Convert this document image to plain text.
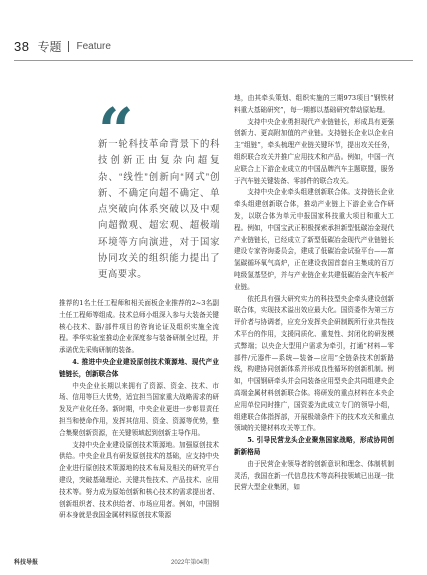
38 专题 Feature
“
新一轮科技革命背景下的科技创新正由复杂向超复杂、“线性”创新向“网式”创新、不确定向超不确定、单点突破向体系突破以及中观向超微观、超宏观、超极端环境等方向演进，对于国家协同攻关的组织能力提出了更高要求。

推荐的1名土任工程师和相关面板企业推荐的2~3名副土任工程师等组成。技术总师小组深入参与大装备关键核心技术、器/部件项目的咨询论证及组织实施全流程。季华实验室推动企业深度参与装备研制全过程，并承诺优先采购研制的装备。

4. 推进中央企业建设原创技术策源地、现代产业链链长，创新联合体

中央企业长期以来拥有了资源、资金、技术、市场、信用等巨大优势，适宜担当国家重大战略需求的研发及产业化任务。新时期，中央企业更进一步彰显责任担当和使命作用，发挥其信用、资金、资源等优势，整合集聚创新资源，在关键领域起到创新主导作用。

支持中央企业建设原创技术策源地。加强原创技术供给。中央企业具有研发原创技术的基础，应支持中央企业进行原创技术策源地的技术布局及相关的研究平台建设，突破基础理论、关键共性技术、产品技术、应用技术等。努力成为原始创新和核心技术的需求提出者、创新组织者、技术供给者、市场应用者。例如，中国钢研本身就是我国金属材料原创技术策源

地，由其牵头策划、组织实施的三期973项目“钢铁材料重大基础研究”，每一期都以基础研究带动原始理。

支持中央企业勇担现代产业链链长，形成具有更强创新力、更高附加值的产业链。支持链长企业以企业自主“组链”，牵头梳理产业链关键环节，提出攻关任务，组织联合攻关并推广应用技术和产品。例如，中国一汽应联合上下游企业成立的中国品牌汽车主题联盟，服务于汽车链关键装备、零部件的联合攻关。

支持中央企业牵头组建创新联合体。支持链长企业牵头组建创新联合体，推动产业链上下游企业合作研发，以联合体为单元申报国家科技重大项目和重大工程。例如，中国宝武正积极探索承担新型低碳冶金现代产业链链长，已经成立了新型低碳冶金现代产业链链长建设专家咨询委员会，建成了低碳冶金试验平台——富氢碳循环氧气高炉，正在建设我国首套自主集成的百万吨级氢基竖炉，并与产业链企业共建低碳冶金汽车板产业链。

依托具有强大研究实力的科技型央企牵头建设创新联合体，实现技术溢出效应最大化。国资委作为第三方评价者与协调者，应充分发挥央企研制既所行业共性技术平台的作用，支援同质化、重复性、封闭化的研发模式弊端；以央企大型用户需求为牵引，打通“材料—零部件/元器件—系统—装备—应用”全链条技术创新路线，构建协同创新体系并形成良性循环的创新机制。例如，中国钢研牵头并会同装备应用型央企共同组建央企高端金属材料创新联合体。将研发的重点材料在本央企应用单位同时推广，国资委为此成立专门的领导小组，组建联合体指挥部，开展极端条件下的技术攻关和重点领域的关键材料攻关等工作。

5. 引导民营龙头企业聚焦国家战略，形成协同创新新格局

由于民营企业领导者的创新意识和理念、体制机制灵活，我国在新一代信息技术等高科技领域已出现一批民营大型企业集团，如

科技导报	2022年第04期
